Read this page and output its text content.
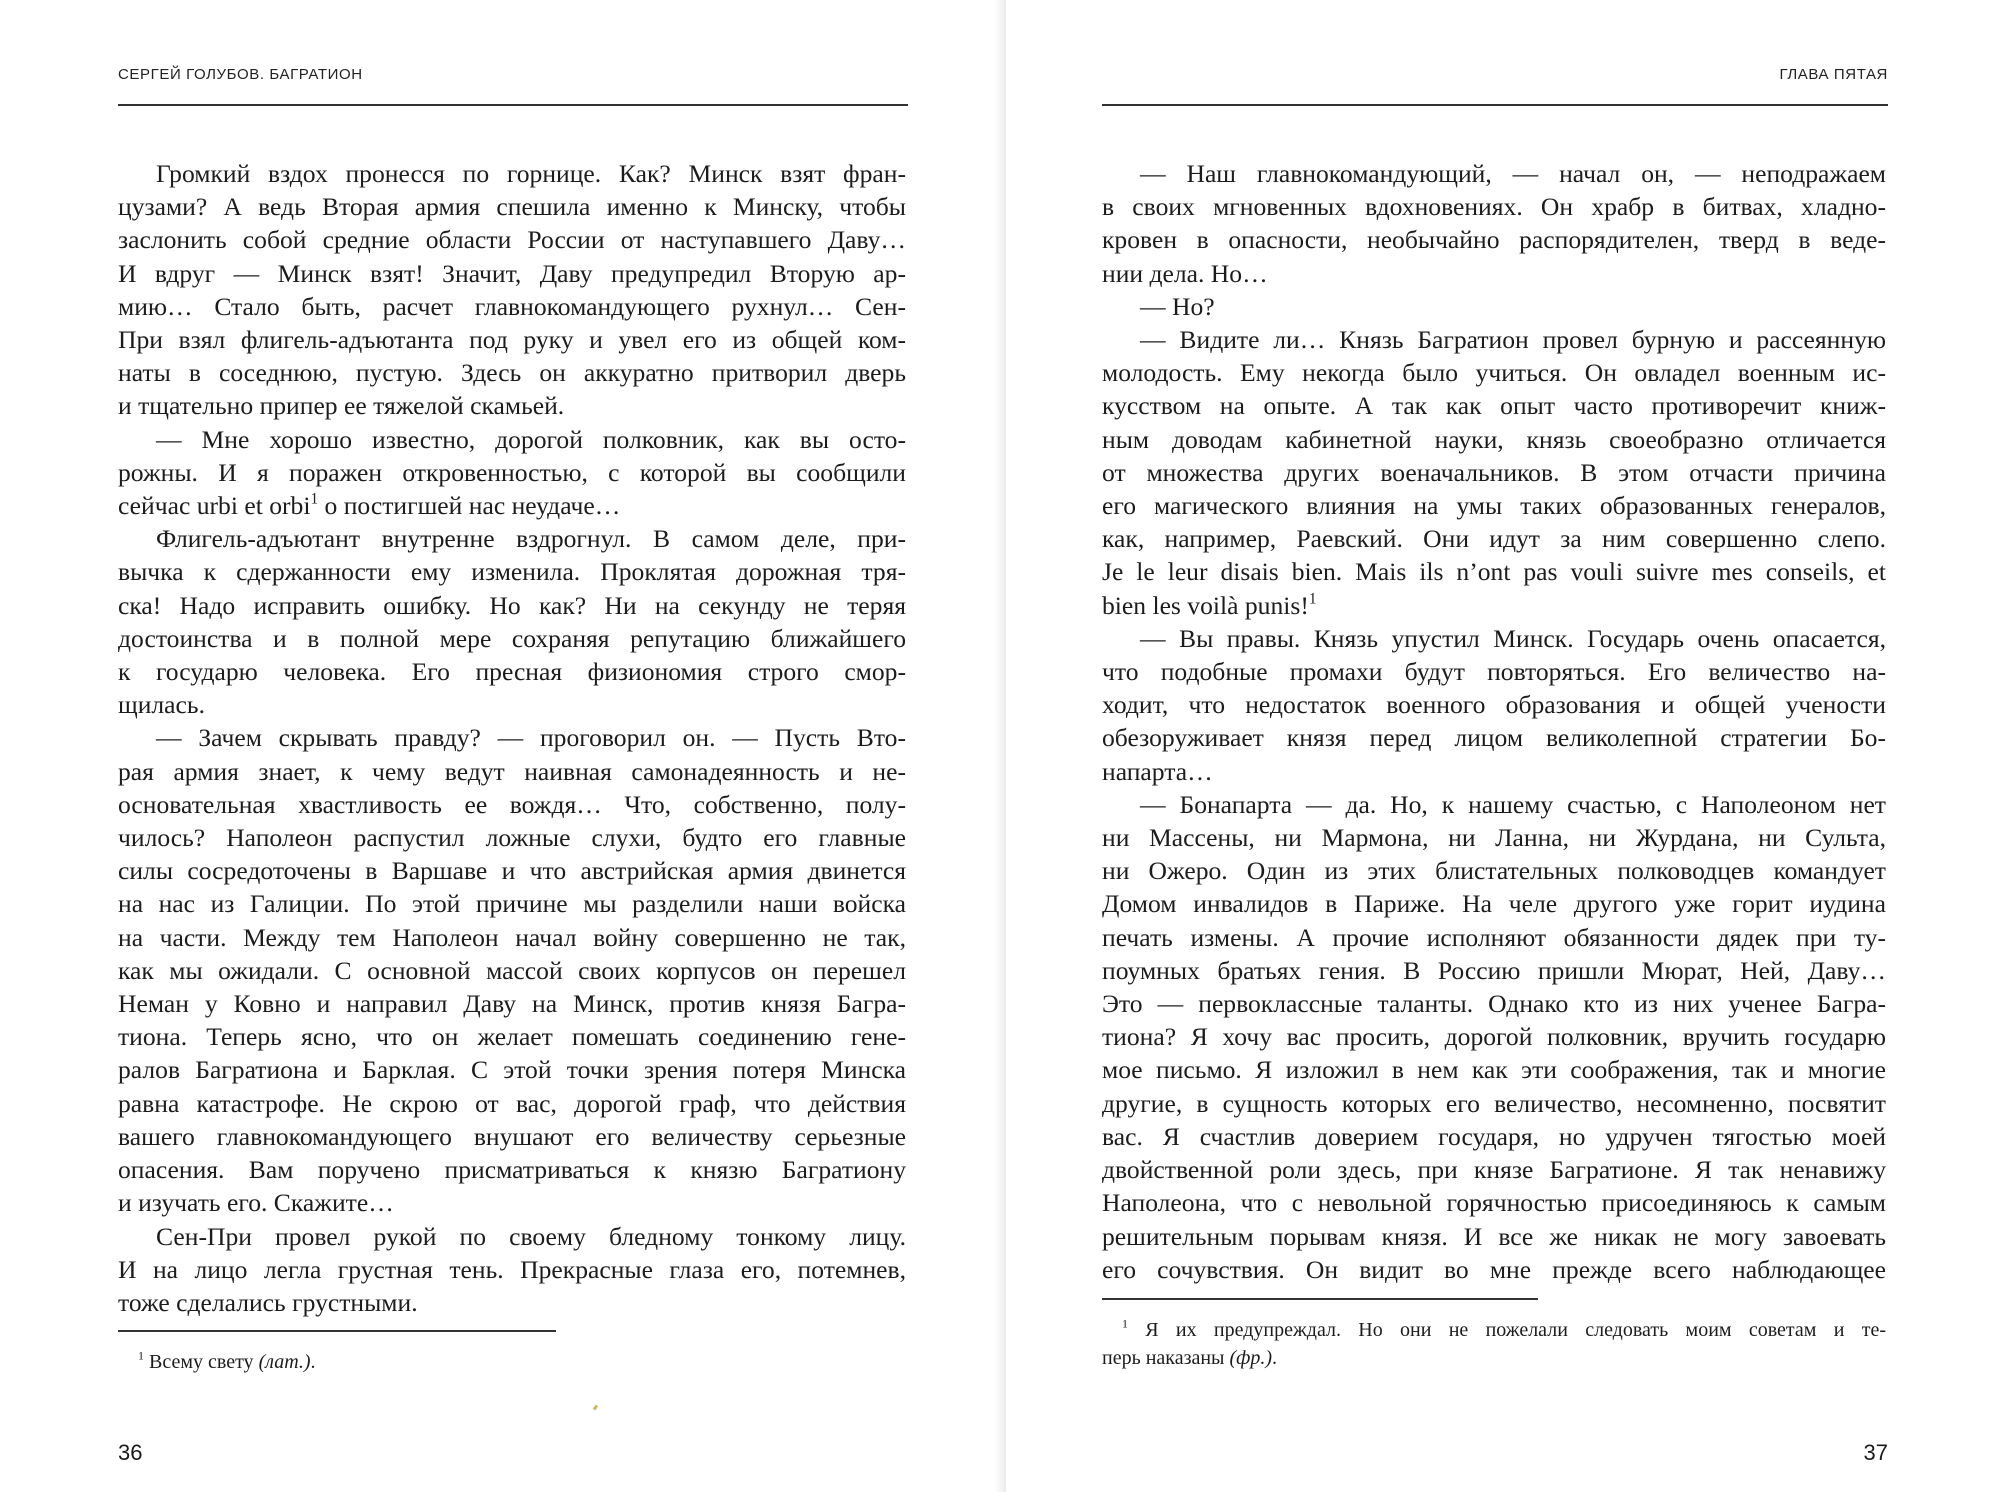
СЕРГЕЙ ГОЛУБОВ. БАГРАТИОН
Громкий вздох пронесся по горнице. Как? Минск взят фран-
цузами? А ведь Вторая армия спешила именно к Минску, чтобы
заслонить собой средние области России от наступавшего Даву…
И вдруг — Минск взят! Значит, Даву предупредил Вторую ар-
мию… Стало быть, расчет главнокомандующего рухнул… Сен-
При взял флигель-адъютанта под руку и увел его из общей ком-
наты в соседнюю, пустую. Здесь он аккуратно притворил дверь
и тщательно припер ее тяжелой скамьей.
— Мне хорошо известно, дорогой полковник, как вы осто-
рожны. И я поражен откровенностью, с которой вы сообщили
сейчас urbi et orbi$^1$ о постигшей нас неудаче…
Флигель-адъютант внутренне вздрогнул. В самом деле, при-
вычка к сдержанности ему изменила. Проклятая дорожная тря-
ска! Надо исправить ошибку. Но как? Ни на секунду не теряя
достоинства и в полной мере сохраняя репутацию ближайшего
к государю человека. Его пресная физиономия строго смор-
щилась.
— Зачем скрывать правду? — проговорил он. — Пусть Вто-
рая армия знает, к чему ведут наивная самонадеянность и не-
основательная хвастливость ее вождя… Что, собственно, полу-
чилось? Наполеон распустил ложные слухи, будто его главные
силы сосредоточены в Варшаве и что австрийская армия двинется
на нас из Галиции. По этой причине мы разделили наши войска
на части. Между тем Наполеон начал войну совершенно не так,
как мы ожидали. С основной массой своих корпусов он перешел
Неман у Ковно и направил Даву на Минск, против князя Багра-
тиона. Теперь ясно, что он желает помешать соединению гене-
ралов Багратиона и Барклая. С этой точки зрения потеря Минска
равна катастрофе. Не скрою от вас, дорогой граф, что действия
вашего главнокомандующего внушают его величеству серьезные
опасения. Вам поручено присматриваться к князю Багратиону
и изучать его. Скажите…
Сен-При провел рукой по своему бледному тонкому лицу.
И на лицо легла грустная тень. Прекрасные глаза его, потемнев,
тоже сделались грустными.
$^1$ Всему свету (лат.).
36
ГЛАВА ПЯТАЯ
— Наш главнокомандующий, — начал он, — неподражаем
в своих мгновенных вдохновениях. Он храбр в битвах, хладно-
кровен в опасности, необычайно распорядителен, тверд в веде-
нии дела. Но…
— Но?
— Видите ли… Князь Багратион провел бурную и рассеянную
молодость. Ему некогда было учиться. Он овладел военным ис-
кусством на опыте. А так как опыт часто противоречит книж-
ным доводам кабинетной науки, князь своеобразно отличается
от множества других военачальников. В этом отчасти причина
его магического влияния на умы таких образованных генералов,
как, например, Раевский. Они идут за ним совершенно слепо.
Je le leur disais bien. Mais ils n’ont pas vouli suivre mes conseils, et
bien les voilà punis!$^1$
— Вы правы. Князь упустил Минск. Государь очень опасается,
что подобные промахи будут повторяться. Его величество на-
ходит, что недостаток военного образования и общей учености
обезоруживает князя перед лицом великолепной стратегии Бо-
напарта…
— Бонапарта — да. Но, к нашему счастью, с Наполеоном нет
ни Массены, ни Мармона, ни Ланна, ни Журдана, ни Сульта,
ни Ожеро. Один из этих блистательных полководцев командует
Домом инвалидов в Париже. На челе другого уже горит иудина
печать измены. А прочие исполняют обязанности дядек при ту-
поумных братьях гения. В Россию пришли Мюрат, Ней, Даву…
Это — первоклассные таланты. Однако кто из них ученее Багра-
тиона? Я хочу вас просить, дорогой полковник, вручить государю
мое письмо. Я изложил в нем как эти соображения, так и многие
другие, в сущность которых его величество, несомненно, посвятит
вас. Я счастлив доверием государя, но удручен тягостью моей
двойственной роли здесь, при князе Багратионе. Я так ненавижу
Наполеона, что с невольной горячностью присоединяюсь к самым
решительным порывам князя. И все же никак не могу завоевать
его сочувствия. Он видит во мне прежде всего наблюдающее
$^1$ Я их предупреждал. Но они не пожелали следовать моим советам и те-
перь наказаны (фр.).
37
